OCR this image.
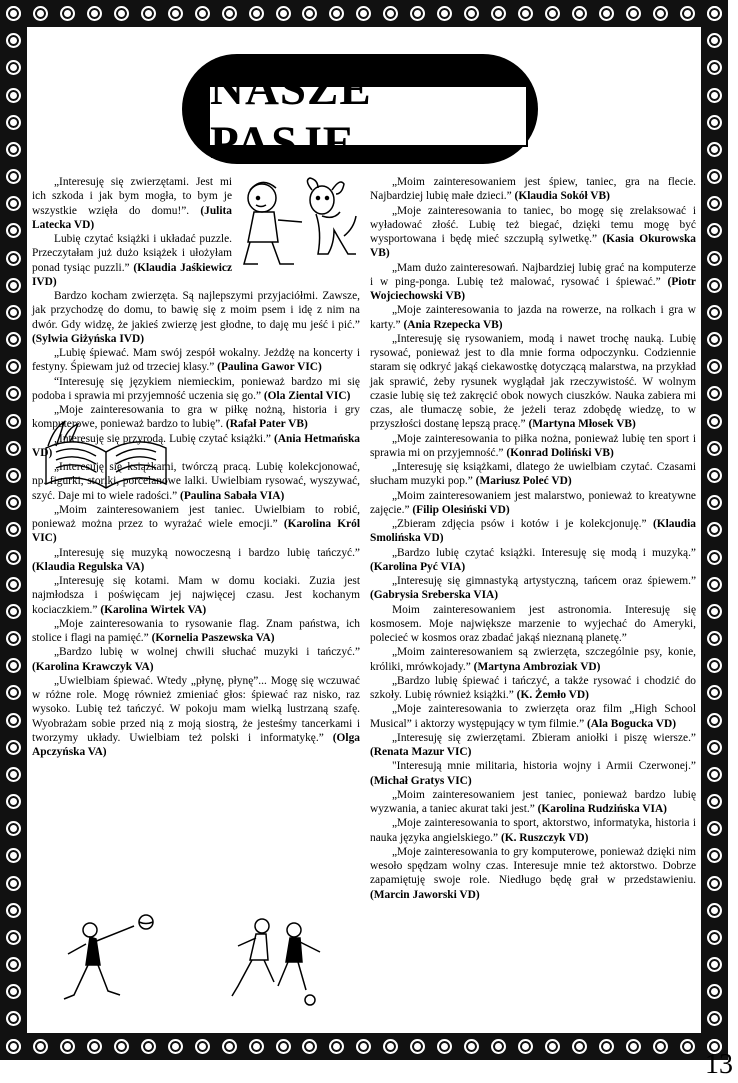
NASZE PASJE

„Interesuję się zwierzętami. Jest mi ich szkoda i jak bym mogła, to bym je wszystkie wzięła do domu!”. (Julita Latecka VD)

Lubię czytać książki i układać puzzle. Przeczytałam już dużo książek i ułożyłam ponad tysiąc puzzli.” (Klaudia Jaśkiewicz IVD)

Bardzo kocham zwierzęta. Są najlepszymi przyjaciółmi. Zawsze, jak przychodzę do domu, to bawię się z moim psem i idę z nim na dwór. Gdy widzę, że jakieś zwierzę jest głodne, to daję mu jeść i pić.” (Sylwia Giżyńska IVD)

„Lubię śpiewać. Mam swój zespół wokalny. Jeżdżę na koncerty i festyny. Śpiewam już od trzeciej klasy.” (Paulina Gawor VIC)

“Interesuję się językiem niemieckim, ponieważ bardzo mi się podoba i sprawia mi przyjemność uczenia się go.” (Ola Ziental VIC)

„Moje zainteresowania to gra w piłkę nożną, historia i gry komputerowe, ponieważ bardzo to lubię”. (Rafał Pater VB)

„Interesuję się przyrodą. Lubię czytać książki.” (Ania Hetmańska VD)

„Interesuję się książkami, twórczą pracą. Lubię kolekcjonować, np. figurki, storiki, porcelanowe lalki. Uwielbiam rysować, wyszywać, szyć. Daje mi to wiele radości.” (Paulina Sabała VIA)

„Moim zainteresowaniem jest taniec. Uwielbiam to robić, ponieważ można przez to wyrażać wiele emocji.” (Karolina Król VIC)

„Interesuję się muzyką nowoczesną i bardzo lubię tańczyć.” (Klaudia Regulska VA)

„Interesuję się kotami. Mam w domu kociaki. Zuzia jest najmłodsza i poświęcam jej najwięcej czasu. Jest kochanym kociaczkiem.” (Karolina Wirtek VA)

„Moje zainteresowania to rysowanie flag. Znam państwa, ich stolice i flagi na pamięć.” (Kornelia Paszewska VA)

„Bardzo lubię w wolnej chwili słuchać muzyki i tańczyć.” (Karolina Krawczyk VA)

„Uwielbiam śpiewać. Wtedy „płynę, płynę”... Mogę się wczuwać w różne role. Mogę również zmieniać głos: śpiewać raz nisko, raz wysoko. Lubię też tańczyć. W pokoju mam wielką lustrzaną szafę. Wyobrażam sobie przed nią z moją siostrą, że jesteśmy tancerkami i tworzymy układy. Uwielbiam też polski i informatykę.” (Olga Apczyńska VA)

„Moim zainteresowaniem jest śpiew, taniec, gra na flecie. Najbardziej lubię małe dzieci.” (Klaudia Sokół VB)

„Moje zainteresowania to taniec, bo mogę się zrelaksować i wyładować złość. Lubię też biegać, dzięki temu mogę być wysportowana i będę mieć szczupłą sylwetkę.” (Kasia Okurowska VB)

„Mam dużo zainteresowań. Najbardziej lubię grać na komputerze i w ping-ponga. Lubię też malować, rysować i śpiewać.” (Piotr Wojciechowski VB)

„Moje zainteresowania to jazda na rowerze, na rolkach i gra w karty.” (Ania Rzepecka VB)

„Interesuję się rysowaniem, modą i nawet trochę nauką. Lubię rysować, ponieważ jest to dla mnie forma odpoczynku. Codziennie staram się odkryć jakąś ciekawostkę dotyczącą malarstwa, na przykład jak sprawić, żeby rysunek wyglądał jak rzeczywistość. W wolnym czasie lubię się też zakręcić obok nowych ciuszków. Nauka zabiera mi czas, ale tłumaczę sobie, że jeżeli teraz zdobędę wiedzę, to w przyszłości dostanę lepszą pracę.” (Martyna Młosek VB)

„Moje zainteresowania to piłka nożna, ponieważ lubię ten sport i sprawia mi on przyjemność.” (Konrad Doliński VB)

„Interesuję się książkami, dlatego że uwielbiam czytać. Czasami słucham muzyki pop.” (Mariusz Poleć VD)

„Moim zainteresowaniem jest malarstwo, ponieważ to kreatywne zajęcie.” (Filip Olesiński VD)

„Zbieram zdjęcia psów i kotów i je kolekcjonuję.” (Klaudia Smolińska VD)

„Bardzo lubię czytać książki. Interesuję się modą i muzyką.” (Karolina Pyć VIA)

„Interesuję się gimnastyką artystyczną, tańcem oraz śpiewem.” (Gabrysia Sreberska VIA)

Moim zainteresowaniem jest astronomia. Interesuję się kosmosem. Moje największe marzenie to wyjechać do Ameryki, polecieć w kosmos oraz zbadać jakąś nieznaną planetę.”

„Moim zainteresowaniem są zwierzęta, szczególnie psy, konie, króliki, mrówkojady.” (Martyna Ambroziak VD)

„Bardzo lubię śpiewać i tańczyć, a także rysować i chodzić do szkoły. Lubię również książki.” (K. Żemło VD)

„Moje zainteresowania to zwierzęta oraz film „High School Musical” i aktorzy występujący w tym filmie.” (Ala Bogucka VD)

„Interesuję się zwierzętami. Zbieram aniołki i piszę wiersze.” (Renata Mazur VIC)

"Interesują mnie militaria, historia wojny i Armii Czerwonej.” (Michał Gratys VIC)

„Moim zainteresowaniem jest taniec, ponieważ bardzo lubię wyzwania, a taniec akurat taki jest.” (Karolina Rudzińska VIA)

„Moje zainteresowania to sport, aktorstwo, informatyka, historia i nauka języka angielskiego.” (K. Ruszczyk VD)

„Moje zainteresowania to gry komputerowe, ponieważ dzięki nim wesoło spędzam wolny czas. Interesuje mnie też aktorstwo. Dobrze zapamiętuję swoje role. Niedługo będę grał w przedstawieniu. (Marcin Jaworski VD)

13
